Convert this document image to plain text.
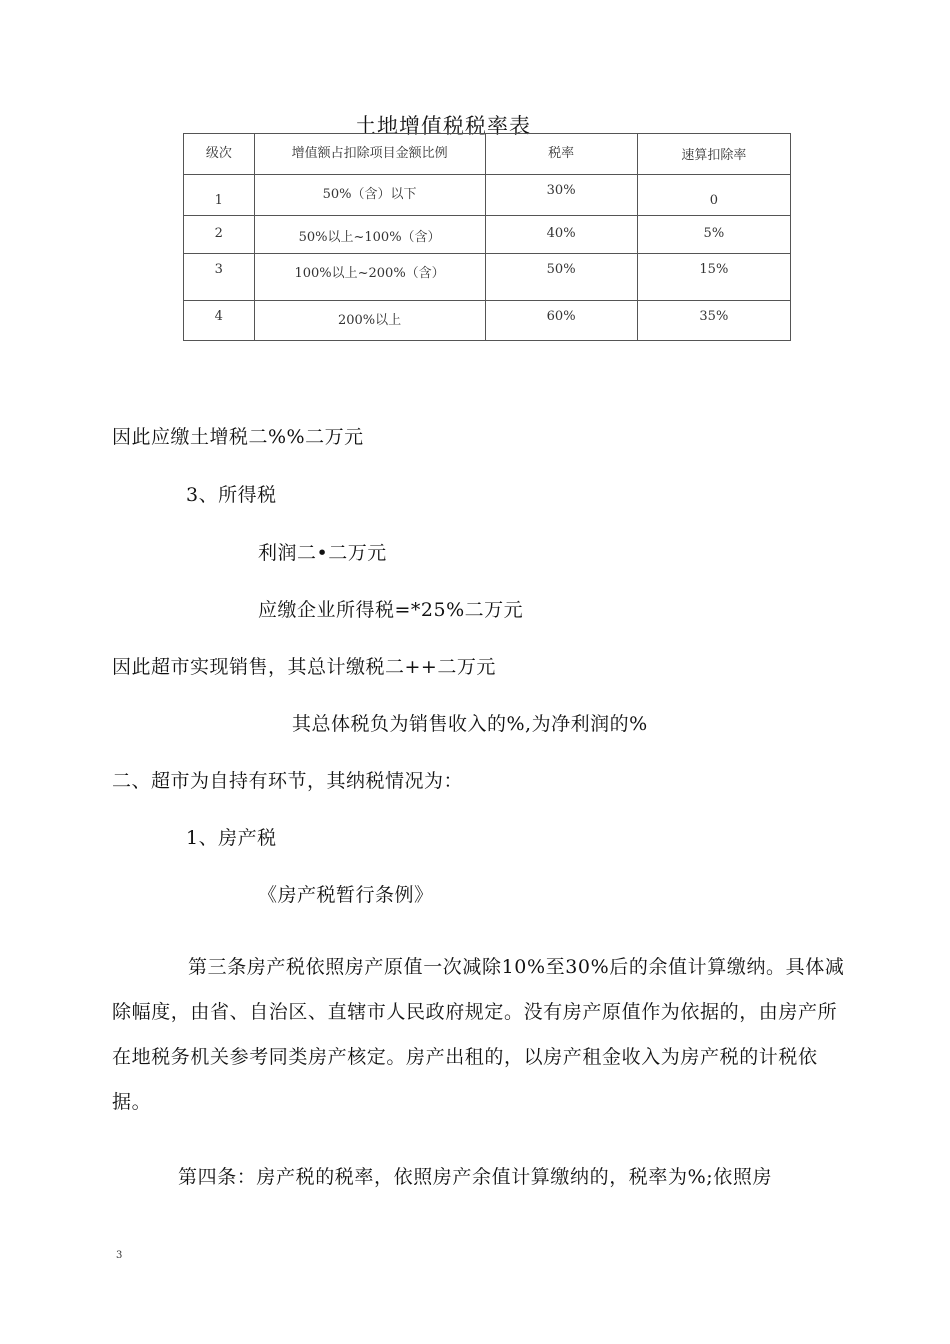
土地增值税税率表
级次	增值额占扣除项目金额比例	税率	速算扣除率

1	50%（含）以下	30%	0

2	50%以上~100%（含）	40%	5%

3	100%以上~200%（含）	50%	15%

4	200%以上	60%	35%
因此应缴土增税二%%二万元
3、所得税
利润二•二万元
应缴企业所得税=*25%二万元
因此超市实现销售，其总计缴税二++二万元
其总体税负为销售收入的%,为净利润的%
二、超市为自持有环节，其纳税情况为：
1、房产税
《房产税暂行条例》
第三条房产税依照房产原值一次减除10%至30%后的余值计算缴纳。具体减除幅度，由省、自治区、直辖市人民政府规定。没有房产原值作为依据的，由房产所在地税务机关参考同类房产核定。房产出租的，以房产租金收入为房产税的计税依据。
第四条：房产税的税率，依照房产余值计算缴纳的，税率为%;依照房
3
